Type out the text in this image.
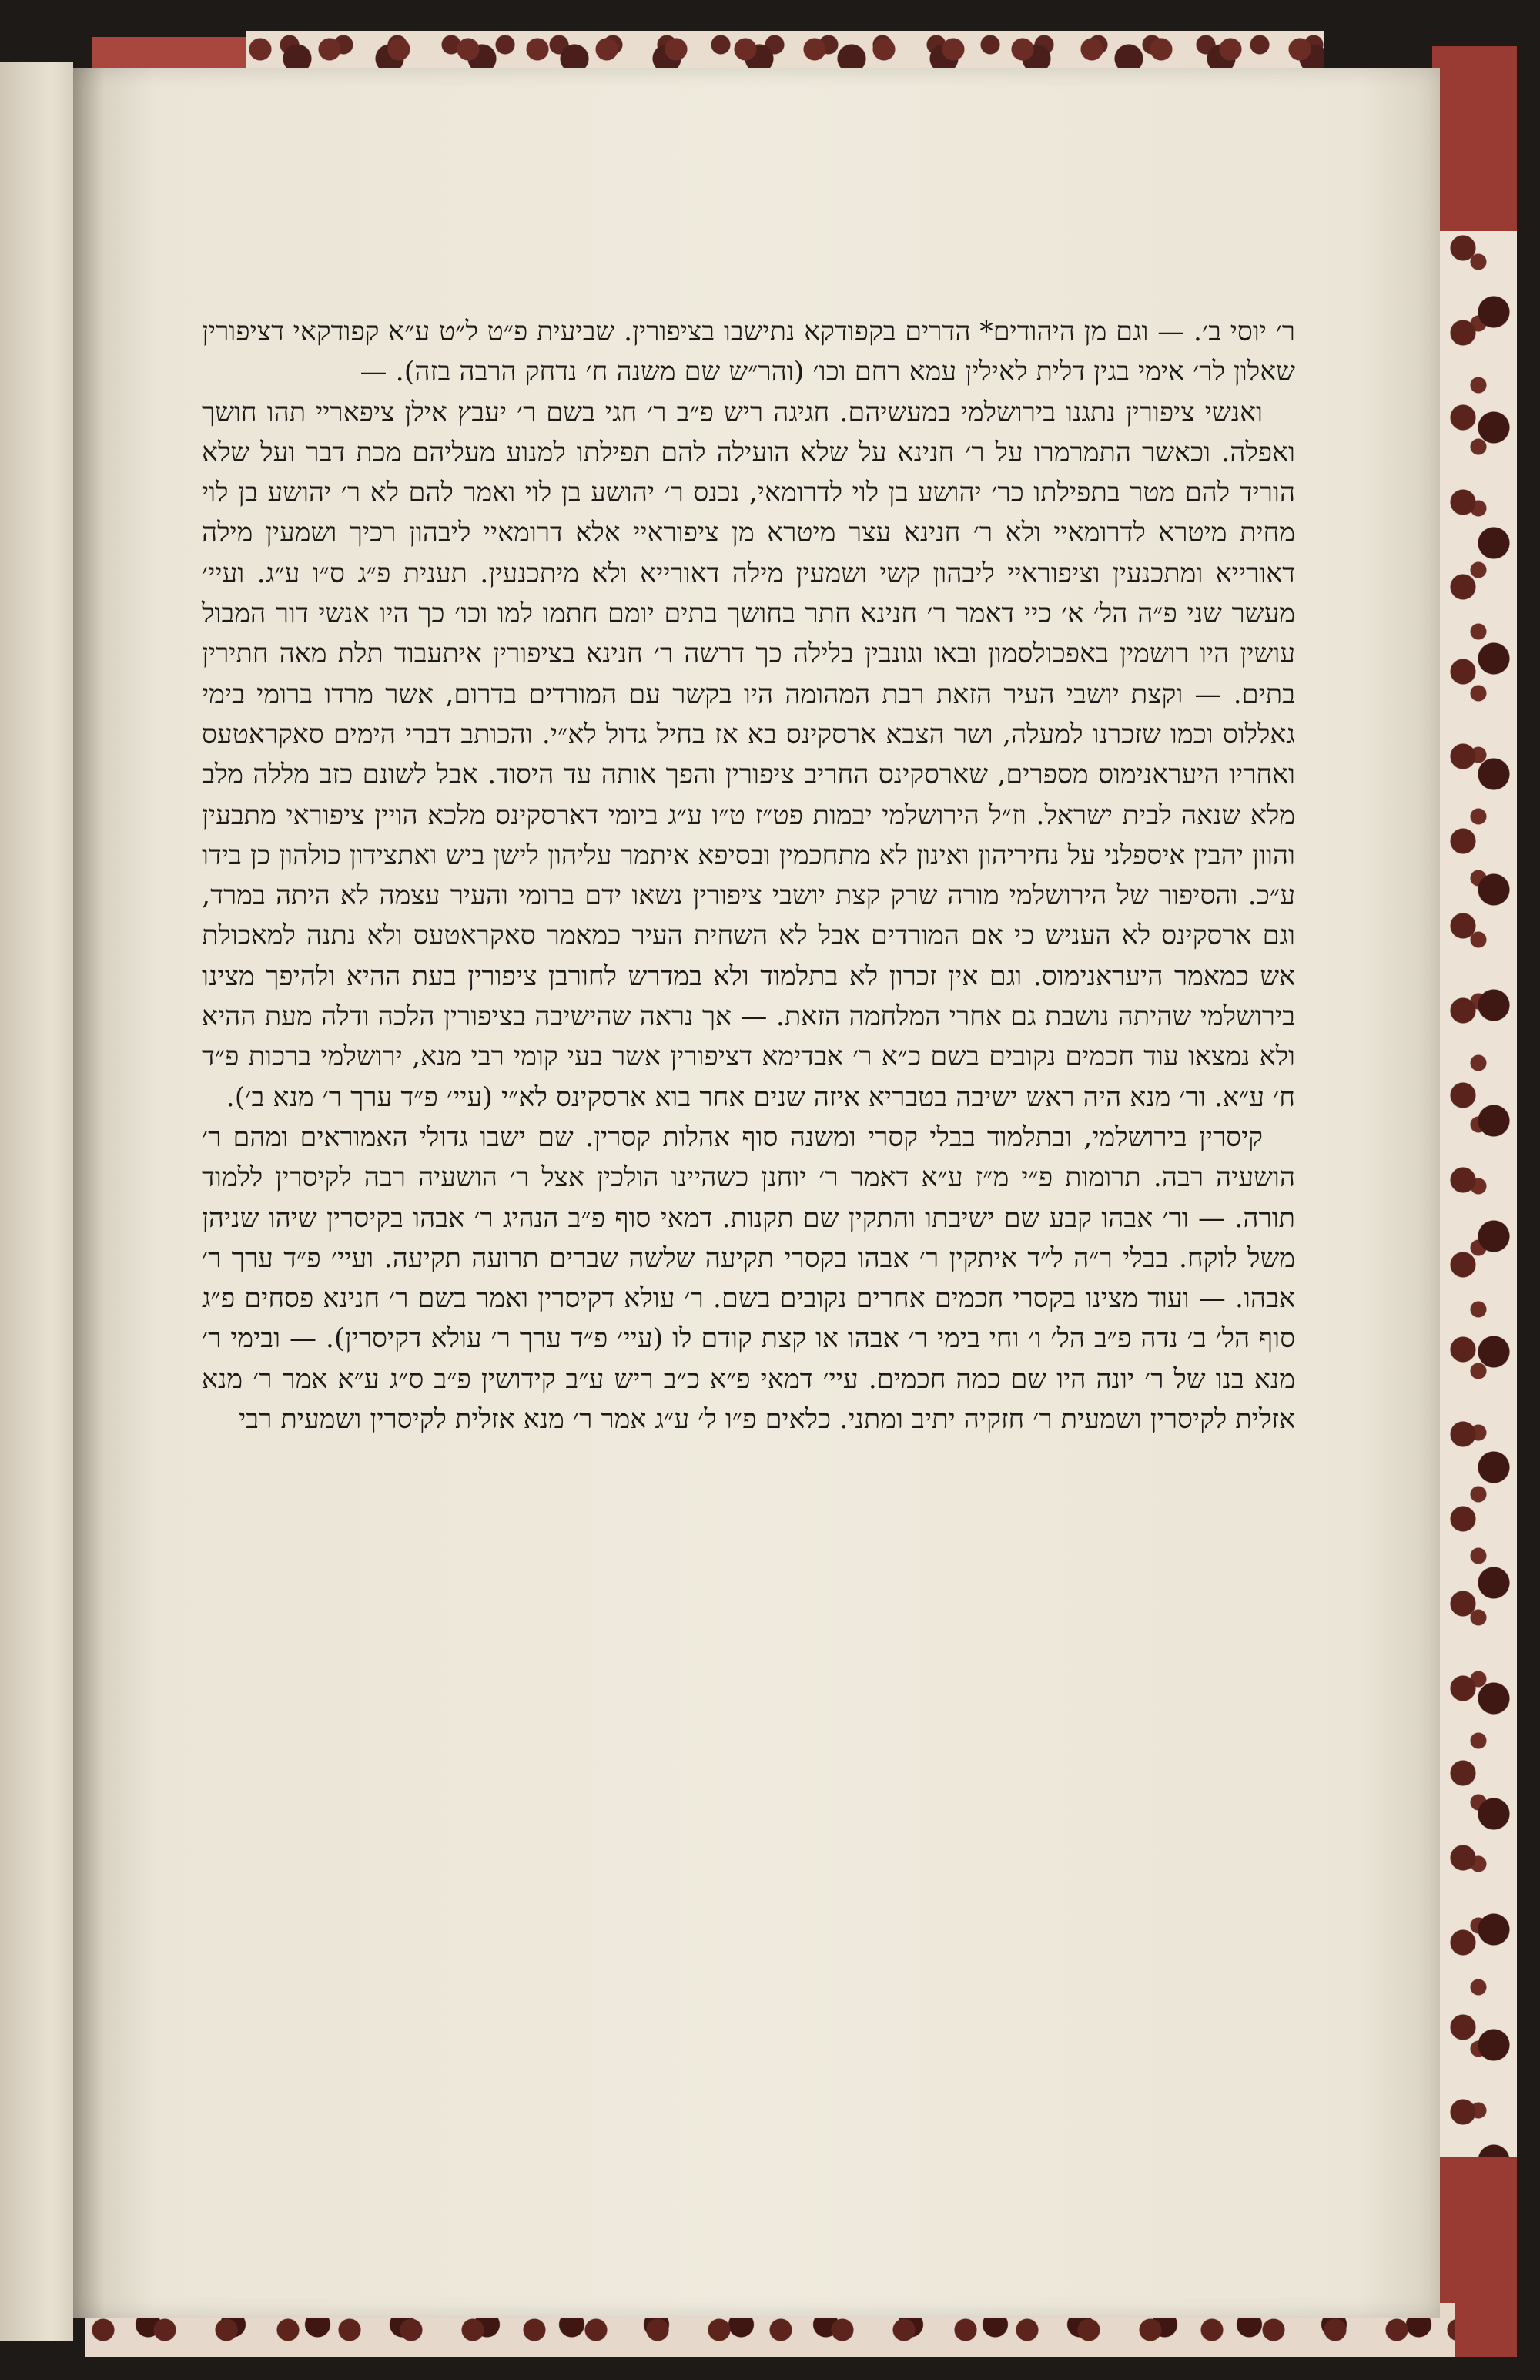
ר׳ יוסי ב׳. — וגם מן היהודים* הדרים בקפודקא נתישבו בציפורין. שביעית פ״ט ל״ט ע״א קפודקאי דציפורין שאלון לר׳ אימי בגין דלית לאילין עמא רחם וכו׳ (והר״ש שם משנה ח׳ נדחק הרבה בזה). —

ואנשי ציפורין נתגנו בירושלמי במעשיהם. חגיגה ריש פ״ב ר׳ חגי בשם ר׳ יעבץ אילן ציפאריי תהו חושך ואפלה. וכאשר התמרמרו על ר׳ חנינא על שלא הועילה להם תפילתו למנוע מעליהם מכת דבר ועל שלא הוריד להם מטר בתפילתו כר׳ יהושע בן לוי לדרומאי, נכנס ר׳ יהושע בן לוי ואמר להם לא ר׳ יהושע בן לוי מחית מיטרא לדרומאיי ולא ר׳ חנינא עצר מיטרא מן ציפוראיי אלא דרומאיי ליבהון רכיך ושמעין מילה דאורייא ומתכנעין וציפוראיי ליבהון קשי ושמעין מילה דאורייא ולא מיתכנעין. תענית פ״ג ס״ו ע״ג. ועיי׳ מעשר שני פ״ה הל׳ א׳ כיי דאמר ר׳ חנינא חתר בחושך בתים יומם חתמו למו וכו׳ כך היו אנשי דור המבול עושין היו רושמין באפכולסמון ובאו וגונבין בלילה כך דרשה ר׳ חנינא בציפורין איתעבוד תלת מאה חתירין בתים. — וקצת יושבי העיר הזאת רבת המהומה היו בקשר עם המורדים בדרום, אשר מרדו ברומי בימי גאללוס וכמו שזכרנו למעלה, ושר הצבא ארסקינס בא אז בחיל גדול לא״י. והכותב דברי הימים סאקראטעס ואחריו היעראנימוס מספרים, שארסקינס החריב ציפורין והפך אותה עד היסוד. אבל לשונם כזב מללה מלב מלא שנאה לבית ישראל. וז״ל הירושלמי יבמות פט״ז ט״ו ע״ג ביומי דארסקינס מלכא הויין ציפוראי מתבעין והוון יהבין איספלני על נחיריהון ואינון לא מתחכמין ובסיפא איתמר עליהון לישן ביש ואתצידון כולהון כן בידו ע״כ. והסיפור של הירושלמי מורה שרק קצת יושבי ציפורין נשאו ידם ברומי והעיר עצמה לא היתה במרד, וגם ארסקינס לא העניש כי אם המורדים אבל לא השחית העיר כמאמר סאקראטעס ולא נתנה למאכולת אש כמאמר היעראנימוס. וגם אין זכרון לא בתלמוד ולא במדרש לחורבן ציפורין בעת ההיא ולהיפך מצינו בירושלמי שהיתה נושבת גם אחרי המלחמה הזאת. — אך נראה שהישיבה בציפורין הלכה ודלה מעת ההיא ולא נמצאו עוד חכמים נקובים בשם כ״א ר׳ אבדימא דציפורין אשר בעי קומי רבי מנא, ירושלמי ברכות פ״ד ח׳ ע״א. ור׳ מנא היה ראש ישיבה בטבריא איזה שנים אחר בוא ארסקינס לא״י (עיי׳ פ״ד ערך ר׳ מנא ב׳).

קיסרין בירושלמי, ובתלמוד בבלי קסרי ומשנה סוף אהלות קסרין. שם ישבו גדולי האמוראים ומהם ר׳ הושעיה רבה. תרומות פ״י מ״ז ע״א דאמר ר׳ יוחנן כשהיינו הולכין אצל ר׳ הושעיה רבה לקיסרין ללמוד תורה. — ור׳ אבהו קבע שם ישיבתו והתקין שם תקנות. דמאי סוף פ״ב הנהיג ר׳ אבהו בקיסרין שיהו שניהן משל לוקח. בבלי ר״ה ל״ד איתקין ר׳ אבהו בקסרי תקיעה שלשה שברים תרועה תקיעה. ועיי׳ פ״ד ערך ר׳ אבהו. — ועוד מצינו בקסרי חכמים אחרים נקובים בשם. ר׳ עולא דקיסרין ואמר בשם ר׳ חנינא פסחים פ״ג סוף הל׳ ב׳ נדה פ״ב הל׳ ו׳ וחי בימי ר׳ אבהו או קצת קודם לו (עיי׳ פ״ד ערך ר׳ עולא דקיסרין). — ובימי ר׳ מנא בנו של ר׳ יונה היו שם כמה חכמים. עיי׳ דמאי פ״א כ״ב ריש ע״ב קידושין פ״ב ס״ג ע״א אמר ר׳ מנא אזלית לקיסרין ושמעית ר׳ חזקיה יתיב ומתני. כלאים פ״ו ל׳ ע״ג אמר ר׳ מנא אזלית לקיסרין ושמעית רבי
